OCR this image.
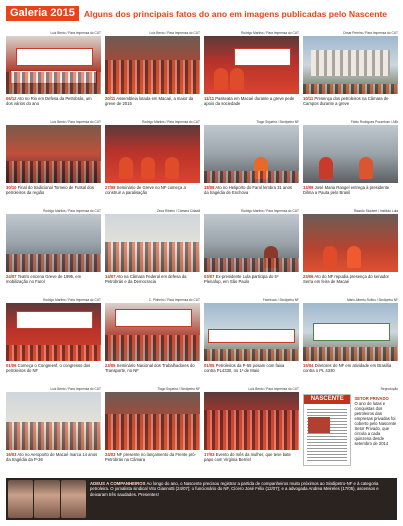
Galeria 2015	Alguns dos principais fatos do ano em imagens publicadas pelo Nascente
Luiz Bento / Para Imprensa do CUT
06/12 Ato no Rio em Defesa da Petrobrás, um dos vários do ano
Luiz Bento / Para Imprensa do CUT
20/11 Assembleia lotada em Macaé, a maior da greve de 2015
Rodrigo Martins / Para Imprensa do CUT
11/11 Passeata em Macaé durante a greve pede apoio da sociedade
César Pereira / Para Imprensa do CUT
10/11 Presença dos petroleiros na Câmara de Campos durante a greve
Luiz Bento / Para Imprensa do CUT
30/10 Final do tradicional Torneio de Futsal dos petroleiros da região
Rodrigo Martins / Para Imprensa do CUT
27/08 Seminário de Greve no NF começa a construir a paralisação
Tiago Siqueira / Sindipetro NF
18/08 Ato no Heliporto do Farol lembra 31 anos da tragédia de Enchova
Fábio Rodrigues Pozzebom / ABr
13/08 José Maria Rangel entrega à presidente Dilma a Pauta pelo Brasil
Rodrigo Martins / Para Imprensa do CUT
24/07 Teatro encena Greve de 1995, em mobilização no Farol
Zeca Ribeiro / Câmara Cidadã
14/07 Ato na Câmara Federal em defesa da Petrobrás e da Democracia
Rodrigo Martins / Para Imprensa do CUT
03/07 Ex-presidente Lula participa do 5º Plenafup, em São Paulo
Ricardo Stuckert / Instituto Lula
23/06 Ato do NF repudia presença do senador Serra em feira de Macaé
Rodrigo Martins / Para Imprensa do CUT
01/06 Começa o Congreesf, o congresso dos petroleiros do NF
C. Pinheiro / Para Imprensa do CUT
23/05 Seminário Nacional dos Trabalhadores do Transporte, no NF
Facebook / Sindipetro NF
01/05 Petroleiros da P-55 posam com faixa contra PL4330, no 1º de Maio
Mário Alberto Rufino / Sindipetro NF
15/04 Diretores do NF em atividade em Brasília contra o PL 4330
Luiz Bento / Para Imprensa do CUT
16/03 Ato no Aeroporto de Macaé marca 14 anos da tragédia da P-36
Tiago Siqueira / Sindipetro NF
24/03 NF presente no lançamento da Frente pró-Petrobrás na Câmara
Luiz Bento / Para Imprensa do CUT
17/03 Evento do mês da mulher, que teve bate papo com Virginia Berriel
Reprodução
NASCENTE	SETOR PRIVADO
O ano de lutas e conquistas dos petroleiros das empresas privadas foi coberto pelo Nascente Setor Privado, que circula a cada quinzena desde setembro de 2014
ADEUS A COMPANHEIROS Ao longo do ano, o Nascente precisou registrar a partida de companheiros muito próximos ao Sindipetro-NF e à categoria petroleira. O jornalista sindical Vito Giannotti (24/07); o funcionário do NF, Cícero José Félix (12/07); e a advogada Andrea Meireles (17/05), ascensos e deixaram três saudades. Presentes!
